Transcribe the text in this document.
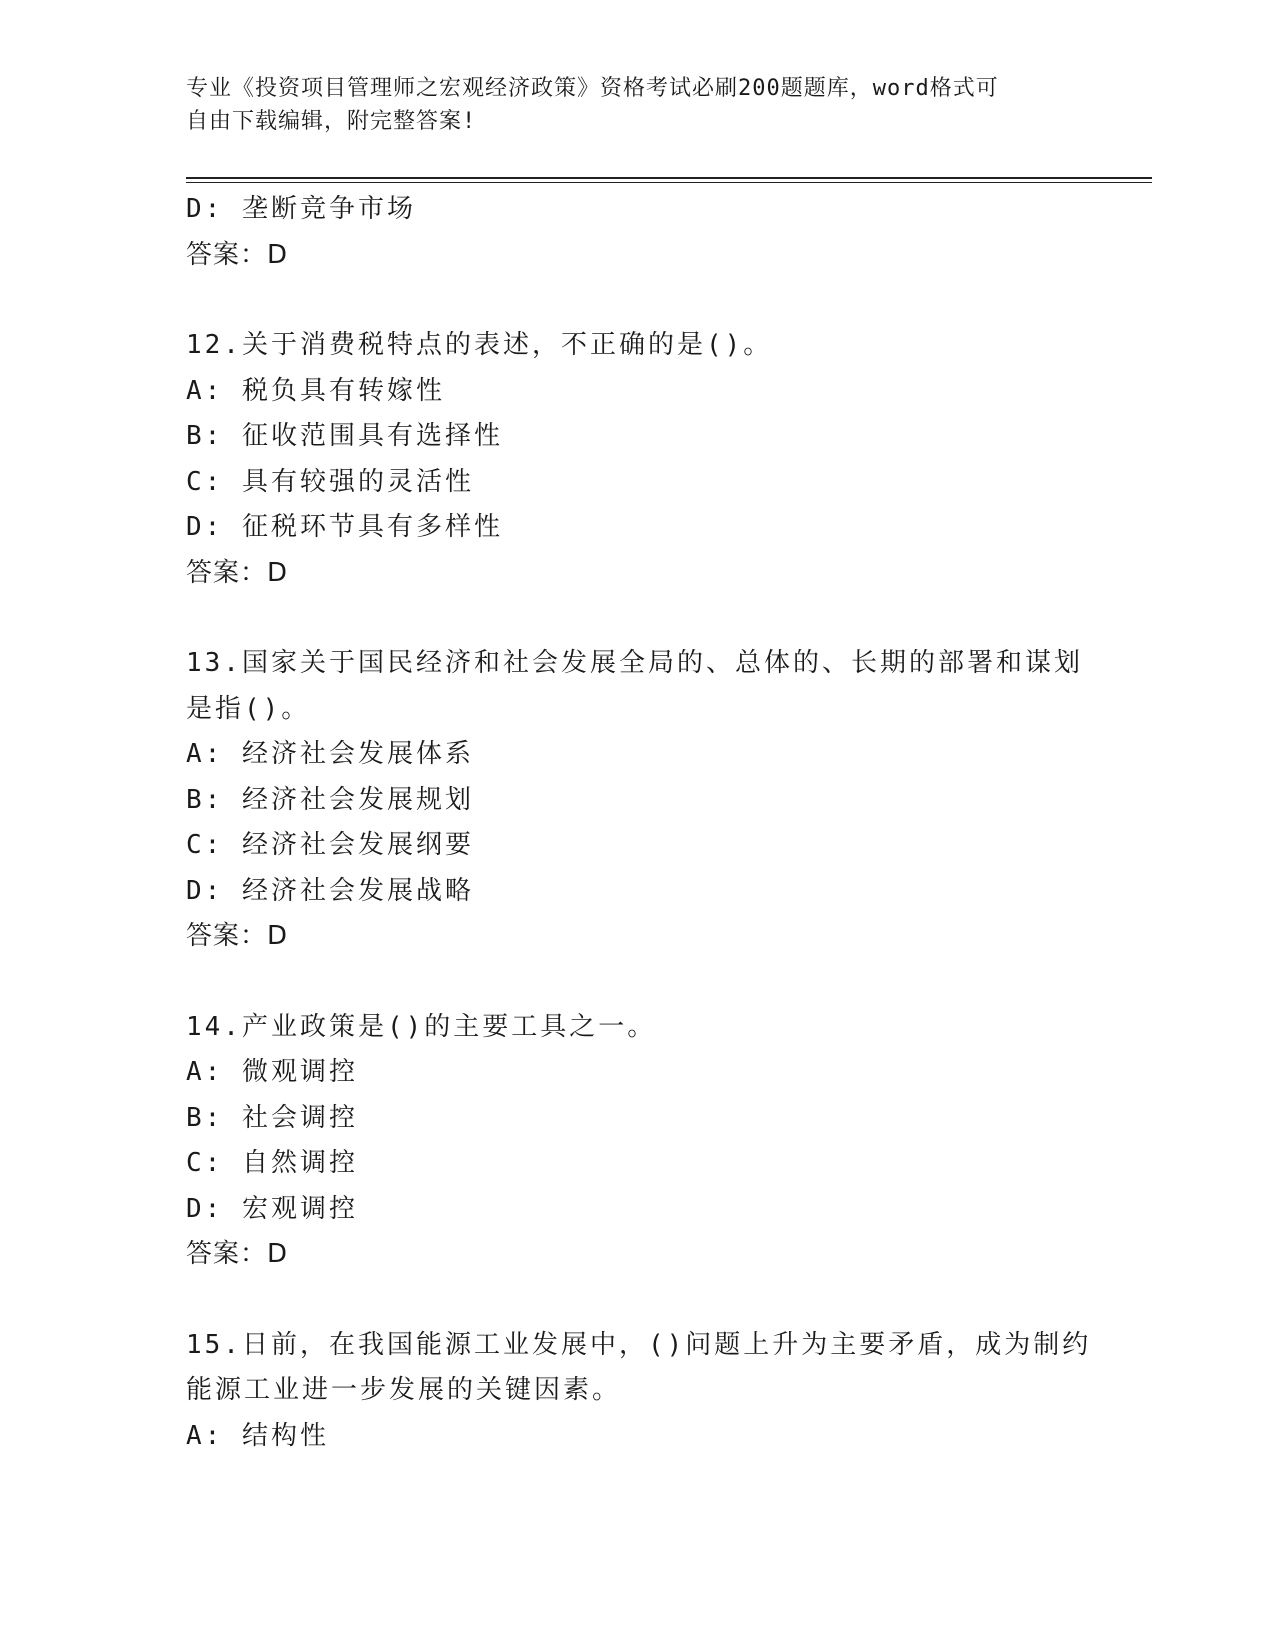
专业《投资项目管理师之宏观经济政策》资格考试必刷200题题库，word格式可
自由下载编辑，附完整答案!
D: 垄断竞争市场
答案：D
12.关于消费税特点的表述，不正确的是()。
A: 税负具有转嫁性
B: 征收范围具有选择性
C: 具有较强的灵活性
D: 征税环节具有多样性
答案：D
13.国家关于国民经济和社会发展全局的、总体的、长期的部署和谋划
是指()。
A: 经济社会发展体系
B: 经济社会发展规划
C: 经济社会发展纲要
D: 经济社会发展战略
答案：D
14.产业政策是()的主要工具之一。
A: 微观调控
B: 社会调控
C: 自然调控
D: 宏观调控
答案：D
15.日前，在我国能源工业发展中，()问题上升为主要矛盾，成为制约
能源工业进一步发展的关键因素。
A: 结构性
